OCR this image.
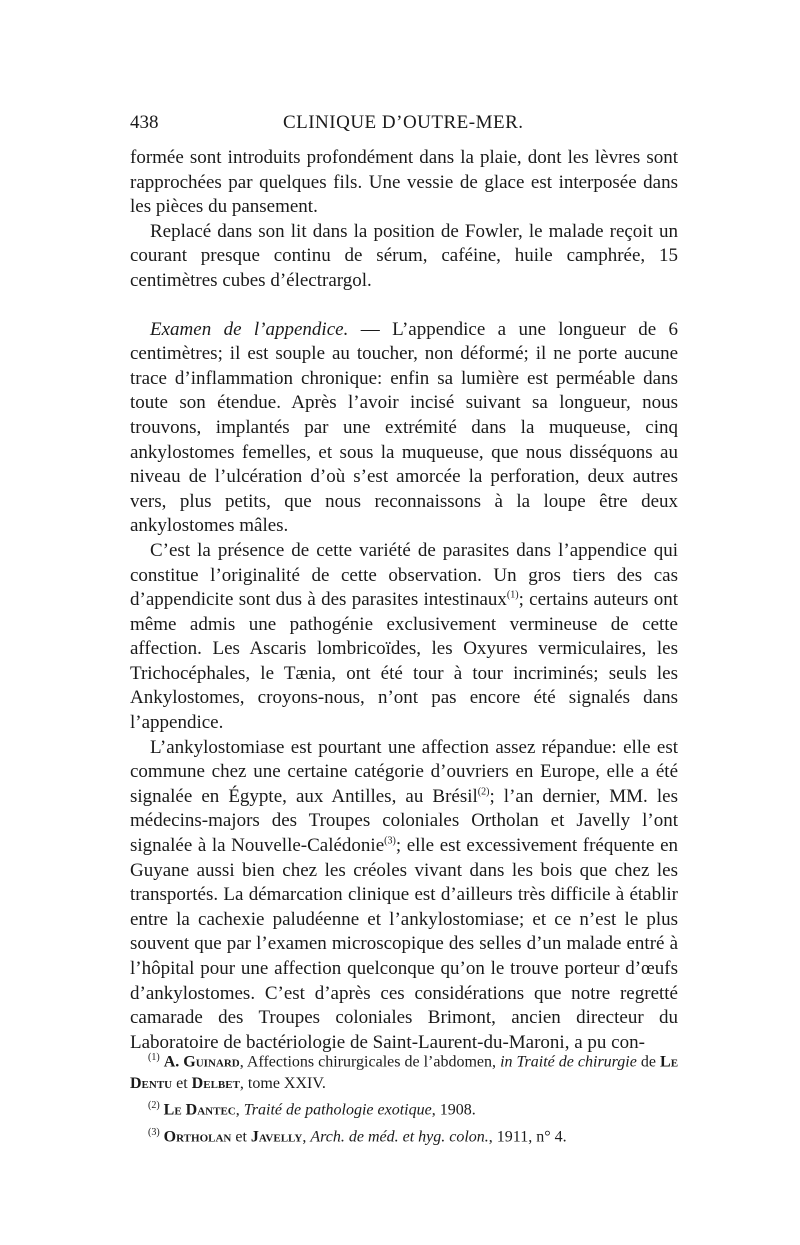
438	CLINIQUE D’OUTRE-MER.

formée sont introduits profondément dans la plaie, dont les lèvres sont rapprochées par quelques fils. Une vessie de glace est interposée dans les pièces du pansement.

Replacé dans son lit dans la position de Fowler, le malade reçoit un courant presque continu de sérum, caféine, huile camphrée, 15 centimètres cubes d’électrargol.

Examen de l’appendice. — L’appendice a une longueur de 6 centimètres; il est souple au toucher, non déformé; il ne porte aucune trace d’inflammation chronique: enfin sa lumière est perméable dans toute son étendue. Après l’avoir incisé suivant sa longueur, nous trouvons, implantés par une extrémité dans la muqueuse, cinq ankylostomes femelles, et sous la muqueuse, que nous disséquons au niveau de l’ulcération d’où s’est amorcée la perforation, deux autres vers, plus petits, que nous reconnaissons à la loupe être deux ankylostomes mâles.

C’est la présence de cette variété de parasites dans l’appendice qui constitue l’originalité de cette observation. Un gros tiers des cas d’appendicite sont dus à des parasites intestinaux$^{(1)}$; certains auteurs ont même admis une pathogénie exclusivement vermineuse de cette affection. Les Ascaris lombricoïdes, les Oxyures vermiculaires, les Trichocéphales, le Tænia, ont été tour à tour incriminés; seuls les Ankylostomes, croyons-nous, n’ont pas encore été signalés dans l’appendice.

L’ankylostomiase est pourtant une affection assez répandue: elle est commune chez une certaine catégorie d’ouvriers en Europe, elle a été signalée en Égypte, aux Antilles, au Brésil$^{(2)}$; l’an dernier, MM. les médecins-majors des Troupes coloniales Ortholan et Javelly l’ont signalée à la Nouvelle-Calédonie$^{(3)}$; elle est excessivement fréquente en Guyane aussi bien chez les créoles vivant dans les bois que chez les transportés. La démarcation clinique est d’ailleurs très difficile à établir entre la cachexie paludéenne et l’ankylostomiase; et ce n’est le plus souvent que par l’examen microscopique des selles d’un malade entré à l’hôpital pour une affection quelconque qu’on le trouve porteur d’œufs d’ankylostomes. C’est d’après ces considérations que notre regretté camarade des Troupes coloniales Brimont, ancien directeur du Laboratoire de bactériologie de Saint-Laurent-du-Maroni, a pu con-

$^{(1)}$ A. Guinard, Affections chirurgicales de l’abdomen, in Traité de chirurgie de Le Dentu et Delbet, tome XXIV.

$^{(2)}$ Le Dantec, Traité de pathologie exotique, 1908.

$^{(3)}$ Ortholan et Javelly, Arch. de méd. et hyg. colon., 1911, n° 4.
